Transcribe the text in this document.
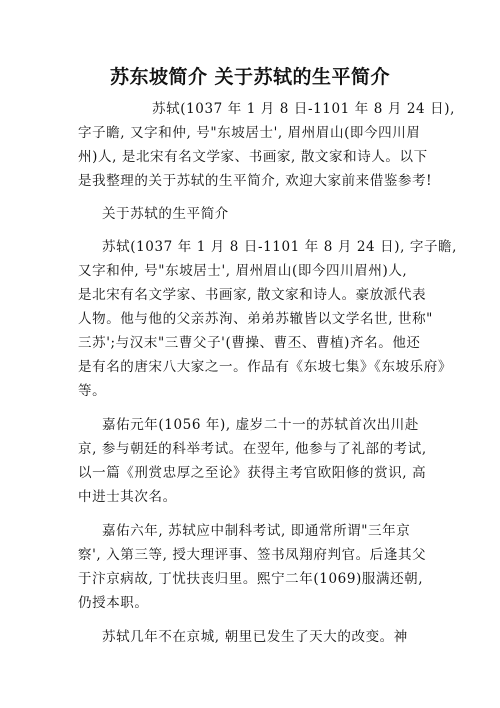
苏东坡简介 关于苏轼的生平简介

苏轼(1037 年 1 月 8 日-1101 年 8 月 24 日),

字子瞻, 又字和仲, 号"东坡居士', 眉州眉山(即今四川眉

州)人, 是北宋有名文学家、书画家, 散文家和诗人。以下

是我整理的关于苏轼的生平简介, 欢迎大家前来借鉴参考!

关于苏轼的生平简介

苏轼(1037 年 1 月 8 日-1101 年 8 月 24 日), 字子瞻,

又字和仲, 号"东坡居士', 眉州眉山(即今四川眉州)人,

是北宋有名文学家、书画家, 散文家和诗人。豪放派代表

人物。他与他的父亲苏洵、弟弟苏辙皆以文学名世, 世称"

三苏';与汉末"三曹父子'(曹操、曹丕、曹植)齐名。他还

是有名的唐宋八大家之一。作品有《东坡七集》《东坡乐府》

等。

嘉佑元年(1056 年), 虚岁二十一的苏轼首次出川赴

京, 参与朝廷的科举考试。在翌年, 他参与了礼部的考试,

以一篇《刑赏忠厚之至论》获得主考官欧阳修的赏识, 高

中进士其次名。

嘉佑六年, 苏轼应中制科考试, 即通常所谓"三年京

察', 入第三等, 授大理评事、签书凤翔府判官。后逢其父

于汴京病故, 丁忧扶丧归里。熙宁二年(1069)服满还朝,

仍授本职。

苏轼几年不在京城, 朝里已发生了天大的改变。神
